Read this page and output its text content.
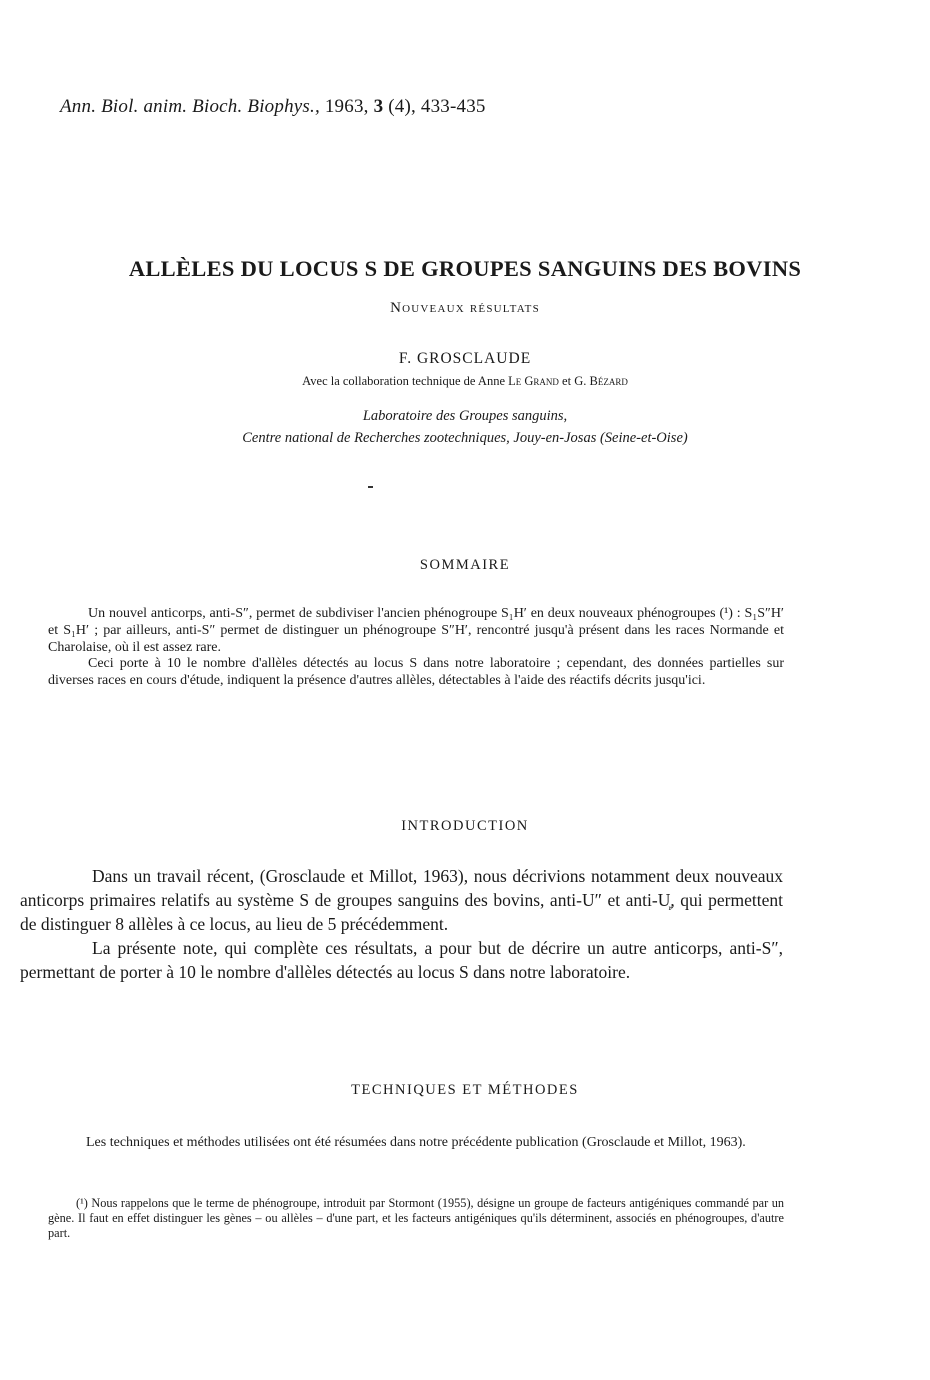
Ann. Biol. anim. Bioch. Biophys., 1963, 3 (4), 433-435
ALLÈLES DU LOCUS S DE GROUPES SANGUINS DES BOVINS
Nouveaux résultats
F. GROSCLAUDE
Avec la collaboration technique de Anne Le Grand et G. Bézard
Laboratoire des Groupes sanguins,
Centre national de Recherches zootechniques, Jouy-en-Josas (Seine-et-Oise)
SOMMAIRE

Un nouvel anticorps, anti-S″, permet de subdiviser l'ancien phénogroupe S₁H′ en deux nouveaux phénogroupes (¹) : S₁S″H′ et S₁H′ ; par ailleurs, anti-S″ permet de distinguer un phénogroupe S″H′, rencontré jusqu'à présent dans les races Normande et Charolaise, où il est assez rare.

Ceci porte à 10 le nombre d'allèles détectés au locus S dans notre laboratoire ; cependant, des données partielles sur diverses races en cours d'étude, indiquent la présence d'autres allèles, détectables à l'aide des réactifs décrits jusqu'ici.

INTRODUCTION

Dans un travail récent, (Grosclaude et Millot, 1963), nous décrivions notamment deux nouveaux anticorps primaires relatifs au système S de groupes sanguins des bovins, anti-U″ et anti-U᷊, qui permettent de distinguer 8 allèles à ce locus, au lieu de 5 précédemment.

La présente note, qui complète ces résultats, a pour but de décrire un autre anticorps, anti-S″, permettant de porter à 10 le nombre d'allèles détectés au locus S dans notre laboratoire.

TECHNIQUES ET MÉTHODES

Les techniques et méthodes utilisées ont été résumées dans notre précédente publication (Grosclaude et Millot, 1963).

(¹) Nous rappelons que le terme de phénogroupe, introduit par Stormont (1955), désigne un groupe de facteurs antigéniques commandé par un gène. Il faut en effet distinguer les gènes – ou allèles – d'une part, et les facteurs antigéniques qu'ils déterminent, associés en phénogroupes, d'autre part.
